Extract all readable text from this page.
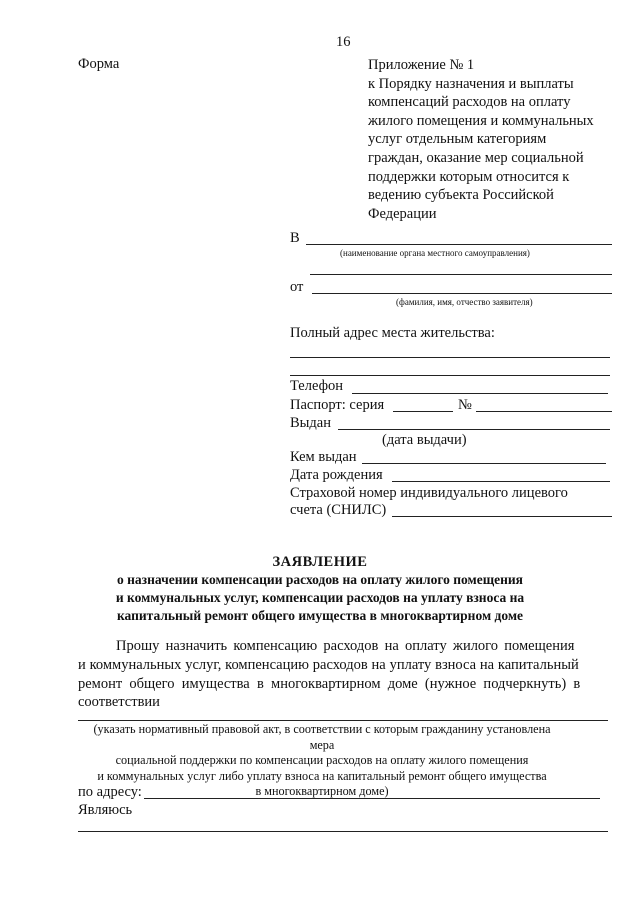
16
Форма	Приложение № 1
к Порядку назначения и выплаты
компенсаций расходов на оплату
жилого помещения и коммунальных
услуг отдельным категориям
граждан, оказание мер социальной
поддержки которым относится к
ведению субъекта Российской
Федерации
В
(наименование органа местного самоуправления)
от
(фамилия, имя, отчество заявителя)
Полный адрес места жительства:
Телефон
Паспорт: серия	№
Выдан
(дата выдачи)
Кем выдан
Дата рождения
Страховой номер индивидуального лицевого
счета (СНИЛС)
ЗАЯВЛЕНИЕ
о назначении компенсации расходов на оплату жилого помещения
и коммунальных услуг, компенсации расходов на уплату взноса на
капитальный ремонт общего имущества в многоквартирном доме
Прошу назначить компенсацию расходов на оплату жилого помещения
и коммунальных услуг, компенсацию расходов на уплату взноса на капитальный
ремонт общего имущества в многоквартирном доме (нужное подчеркнуть) в
соответствии
(указать нормативный правовой акт, в соответствии с которым гражданину установлена мера
социальной поддержки по компенсации расходов на оплату жилого помещения
и коммунальных услуг либо уплату взноса на капитальный ремонт общего имущества
в многоквартирном доме)
по адресу:
Являюсь
